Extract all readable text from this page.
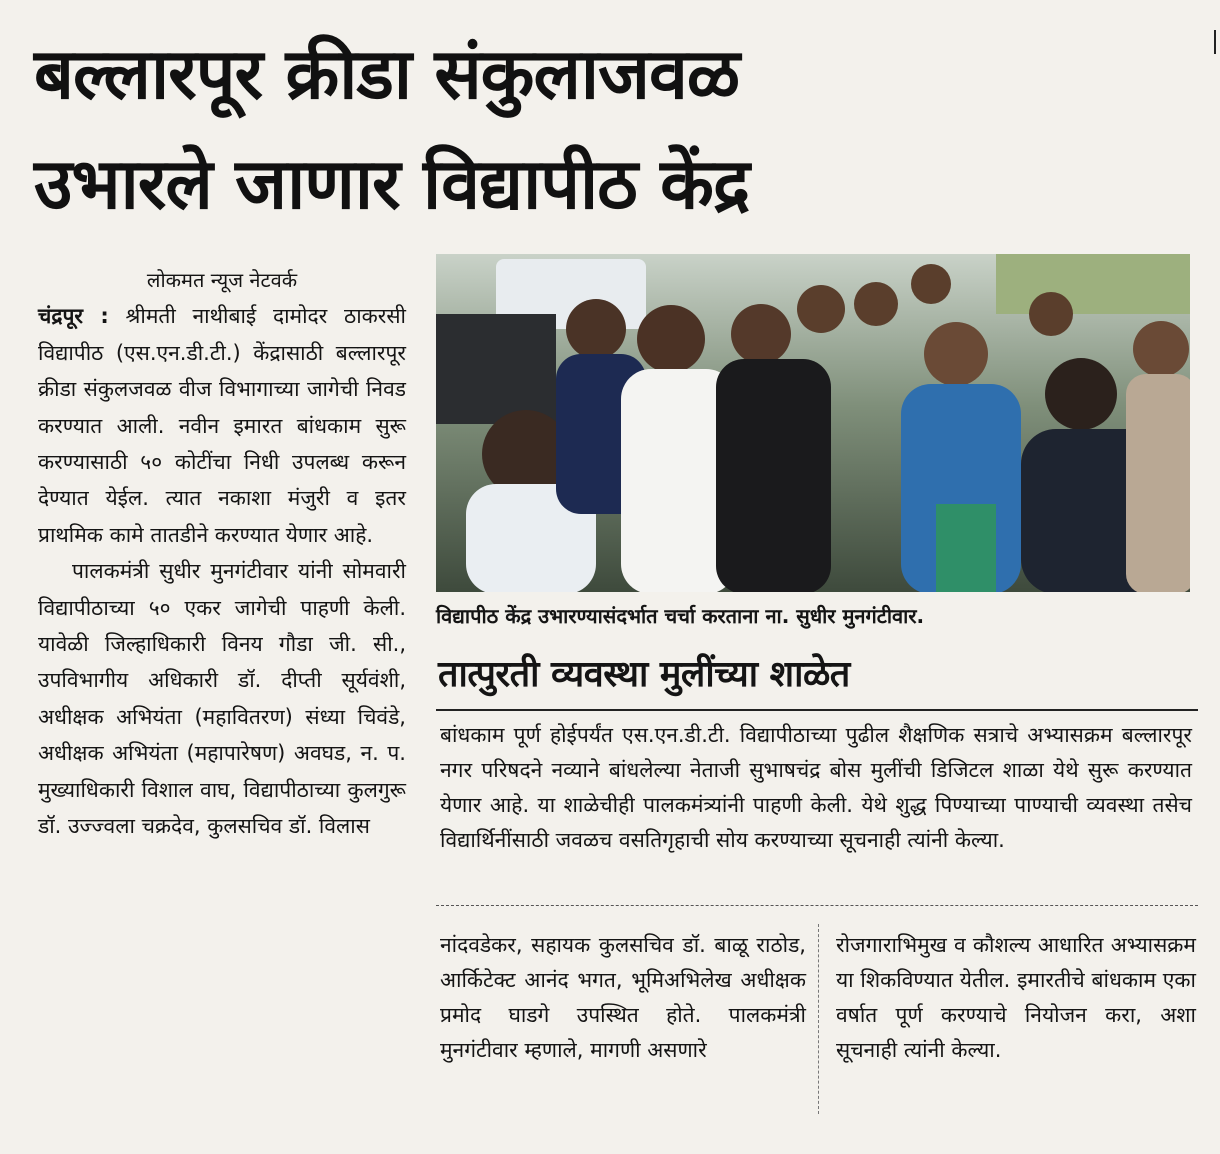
बल्लारपूर क्रीडा संकुलाजवळ
उभारले जाणार विद्यापीठ केंद्र

लोकमत न्यूज नेटवर्क

चंद्रपूर : श्रीमती नाथीबाई दामोदर ठाकरसी विद्यापीठ (एस.एन.डी.टी.) केंद्रासाठी बल्लारपूर क्रीडा संकुलजवळ वीज विभागाच्या जागेची निवड करण्यात आली. नवीन इमारत बांधकाम सुरू करण्यासाठी ५० कोटींचा निधी उपलब्ध करून देण्यात येईल. त्यात नकाशा मंजुरी व इतर प्राथमिक कामे तातडीने करण्यात येणार आहे.

पालकमंत्री सुधीर मुनगंटीवार यांनी सोमवारी विद्यापीठाच्या ५० एकर जागेची पाहणी केली. यावेळी जिल्हाधिकारी विनय गौडा जी. सी., उपविभागीय अधिकारी डॉ. दीप्ती सूर्यवंशी, अधीक्षक अभियंता (महावितरण) संध्या चिवंडे, अधीक्षक अभियंता (महापारेषण) अवघड, न. प. मुख्याधिकारी विशाल वाघ, विद्यापीठाच्या कुलगुरू डॉ. उज्ज्वला चक्रदेव, कुलसचिव डॉ. विलास

विद्यापीठ केंद्र उभारण्यासंदर्भात चर्चा करताना ना. सुधीर मुनगंटीवार.
तात्पुरती व्यवस्था मुलींच्या शाळेत

बांधकाम पूर्ण होईपर्यंत एस.एन.डी.टी. विद्यापीठाच्या पुढील शैक्षणिक सत्राचे अभ्यासक्रम बल्लारपूर नगर परिषदने नव्याने बांधलेल्या नेताजी सुभाषचंद्र बोस मुलींची डिजिटल शाळा येथे सुरू करण्यात येणार आहे. या शाळेचीही पालकमंत्र्यांनी पाहणी केली. येथे शुद्ध पिण्याच्या पाण्याची व्यवस्था तसेच विद्यार्थिनींसाठी जवळच वसतिगृहाची सोय करण्याच्या सूचनाही त्यांनी केल्या.

नांदवडेकर, सहायक कुलसचिव डॉ. बाळू राठोड, आर्किटेक्ट आनंद भगत, भूमिअभिलेख अधीक्षक प्रमोद घाडगे उपस्थित होते. पालकमंत्री मुनगंटीवार म्हणाले, मागणी असणारे

रोजगाराभिमुख व कौशल्य आधारित अभ्यासक्रम या शिकविण्यात येतील. इमारतीचे बांधकाम एका वर्षात पूर्ण करण्याचे नियोजन करा, अशा सूचनाही त्यांनी केल्या.
